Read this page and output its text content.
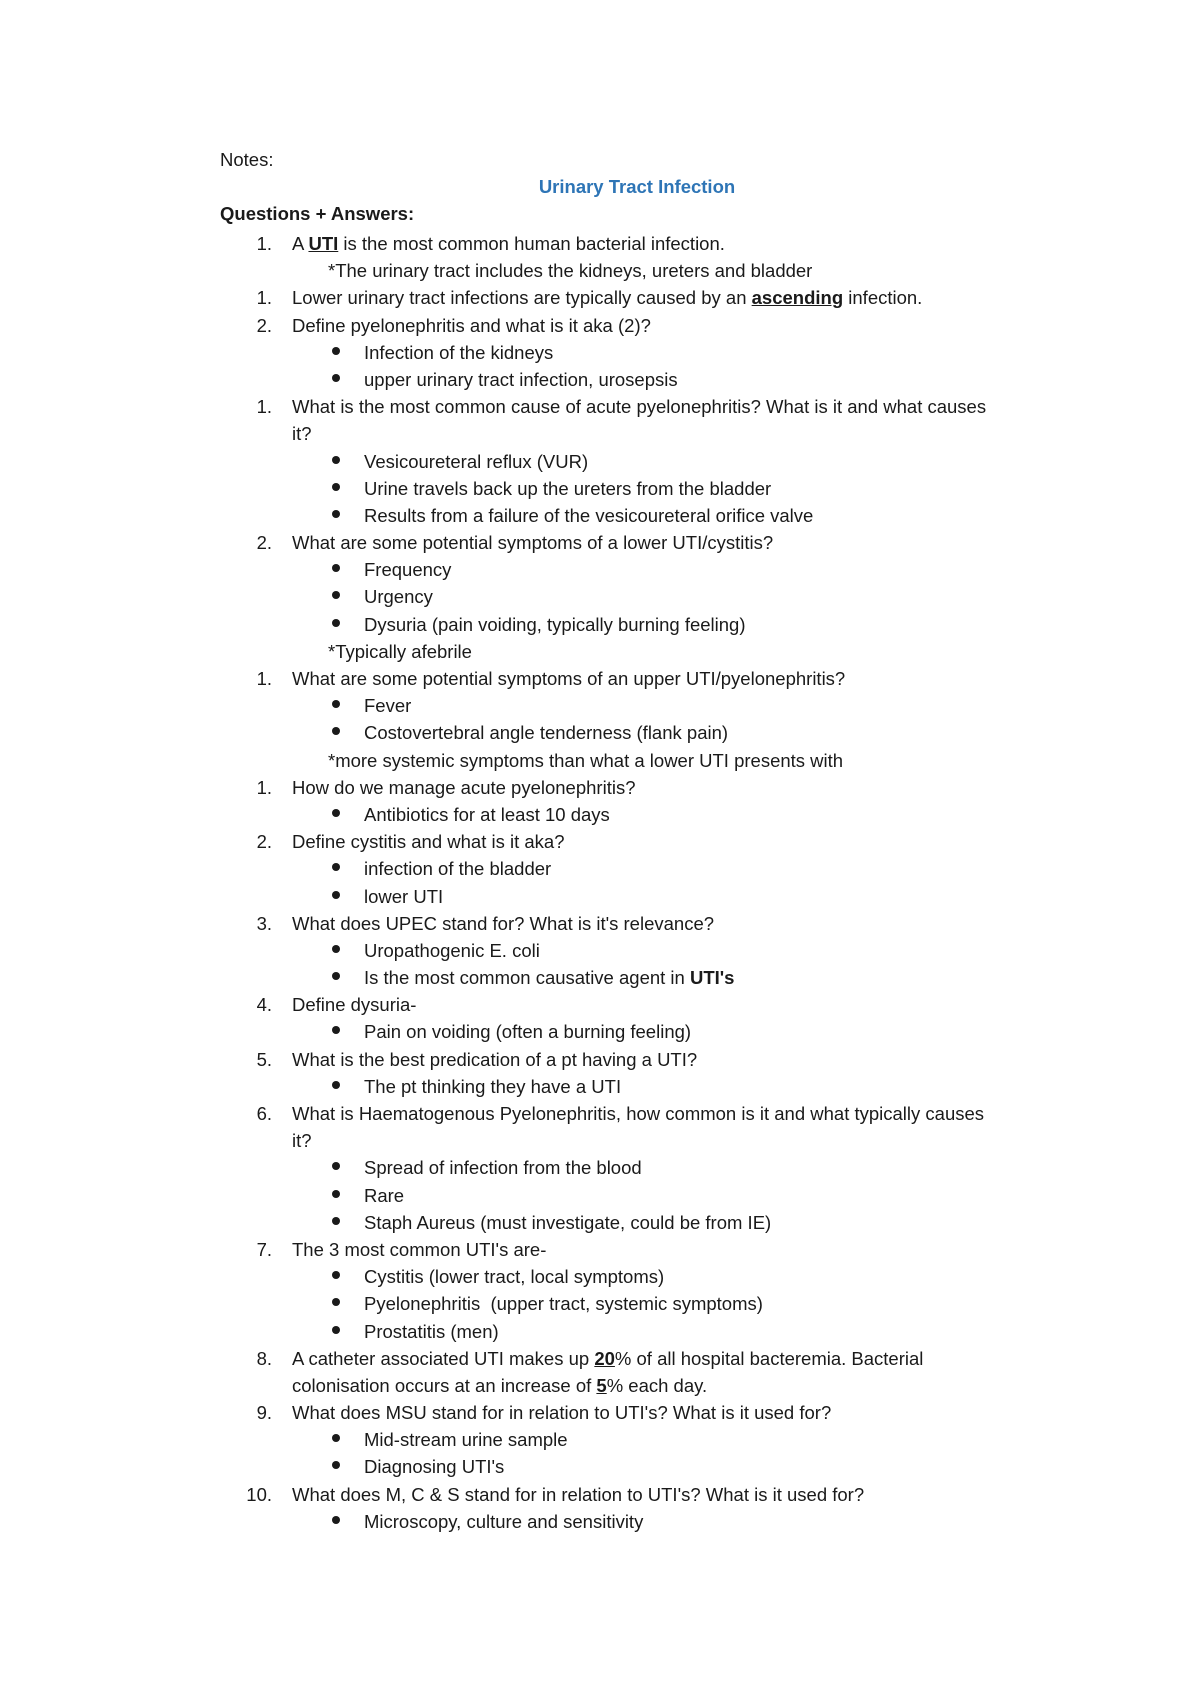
Notes:
Urinary Tract Infection
Questions + Answers:
1. A UTI is the most common human bacterial infection.
*The urinary tract includes the kidneys, ureters and bladder
1. Lower urinary tract infections are typically caused by an ascending infection.
2. Define pyelonephritis and what is it aka (2)?
Infection of the kidneys
upper urinary tract infection, urosepsis
1. What is the most common cause of acute pyelonephritis? What is it and what causes
it?
Vesicoureteral reflux (VUR)
Urine travels back up the ureters from the bladder
Results from a failure of the vesicoureteral orifice valve
2. What are some potential symptoms of a lower UTI/cystitis?
Frequency
Urgency
Dysuria (pain voiding, typically burning feeling)
*Typically afebrile
1. What are some potential symptoms of an upper UTI/pyelonephritis?
Fever
Costovertebral angle tenderness (flank pain)
*more systemic symptoms than what a lower UTI presents with
1. How do we manage acute pyelonephritis?
Antibiotics for at least 10 days
2. Define cystitis and what is it aka?
infection of the bladder
lower UTI
3. What does UPEC stand for? What is it's relevance?
Uropathogenic E. coli
Is the most common causative agent in UTI's
4. Define dysuria-
Pain on voiding (often a burning feeling)
5. What is the best predication of a pt having a UTI?
The pt thinking they have a UTI
6. What is Haematogenous Pyelonephritis, how common is it and what typically causes
it?
Spread of infection from the blood
Rare
Staph Aureus (must investigate, could be from IE)
7. The 3 most common UTI's are-
Cystitis (lower tract, local symptoms)
Pyelonephritis  (upper tract, systemic symptoms)
Prostatitis (men)
8. A catheter associated UTI makes up 20% of all hospital bacteremia. Bacterial
colonisation occurs at an increase of 5% each day.
9. What does MSU stand for in relation to UTI's? What is it used for?
Mid-stream urine sample
Diagnosing UTI's
10. What does M, C & S stand for in relation to UTI's? What is it used for?
Microscopy, culture and sensitivity
